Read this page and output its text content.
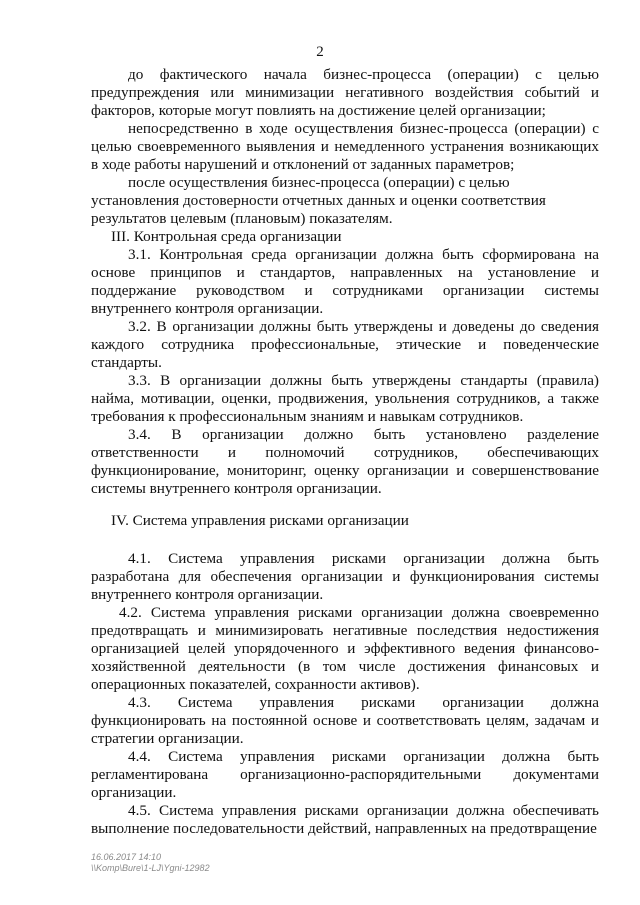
2

до фактического начала бизнес-процесса (операции) с целью предупреждения или минимизации негативного воздействия событий и факторов, которые могут повлиять на достижение целей организации;

непосредственно в ходе осуществления бизнес-процесса (операции) с целью своевременного выявления и немедленного устранения возникающих в ходе работы нарушений и отклонений от заданных параметров;

после осуществления бизнес-процесса (операции) с целью установления достоверности отчетных данных и оценки соответствия результатов целевым (плановым) показателям.

III. Контрольная среда организации

3.1. Контрольная среда организации должна быть сформирована на основе принципов и стандартов, направленных на установление и поддержание руководством и сотрудниками организации системы внутреннего контроля организации.

3.2. В организации должны быть утверждены и доведены до сведения каждого сотрудника профессиональные, этические и поведенческие стандарты.

3.3. В организации должны быть утверждены стандарты (правила) найма, мотивации, оценки, продвижения, увольнения сотрудников, а также требования к профессиональным знаниям и навыкам сотрудников.

3.4. В организации должно быть установлено разделение ответственности и полномочий сотрудников, обеспечивающих функционирование, мониторинг, оценку организации и совершенствование системы внутреннего контроля организации.

IV. Система управления рисками организации

4.1. Система управления рисками организации должна быть разработана для обеспечения организации и функционирования системы внутреннего контроля организации.

4.2. Система управления рисками организации должна своевременно предотвращать и минимизировать негативные последствия недостижения организацией целей упорядоченного и эффективного ведения финансово-хозяйственной деятельности (в том числе достижения финансовых и операционных показателей, сохранности активов).

4.3. Система управления рисками организации должна функционировать на постоянной основе и соответствовать целям, задачам и стратегии организации.

4.4. Система управления рисками организации должна быть регламентирована организационно-распорядительными документами организации.

4.5. Система управления рисками организации должна обеспечивать выполнение последовательности действий, направленных на предотвращение

16.06.2017 14:10
\\Komp\Bure\1-LJ\Ygni-12982
